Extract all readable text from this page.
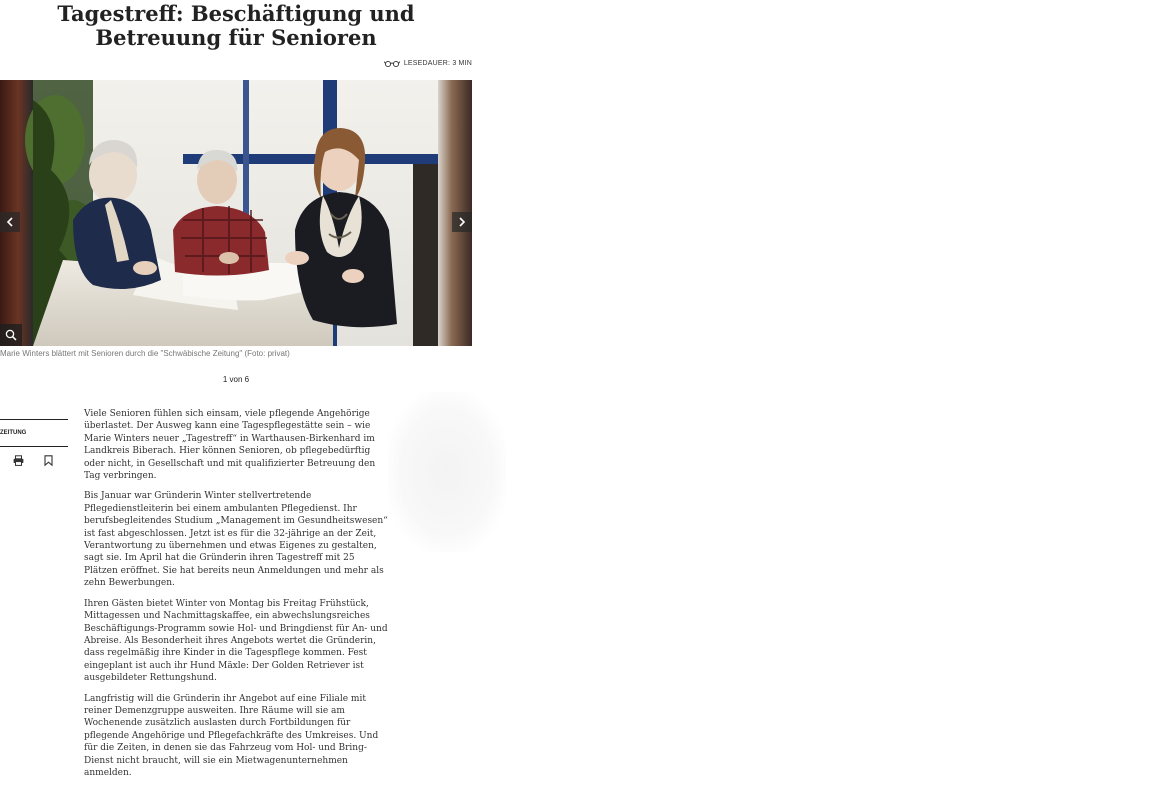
Tagestreff: Beschäftigung und Betreuung für Senioren
LESEDAUER: 3 MIN
Marie Winters blättert mit Senioren durch die "Schwäbische Zeitung" (Foto: privat)
1 von 6
ZEITUNG

Viele Senioren fühlen sich einsam, viele pflegende Angehörige überlastet. Der Ausweg kann eine Tagespflegestätte sein – wie Marie Winters neuer „Tagestreff“ in Warthausen-Birkenhard im Landkreis Biberach. Hier können Senioren, ob pflegebedürftig oder nicht, in Gesellschaft und mit qualifizierter Betreuung den Tag verbringen.

Bis Januar war Gründerin Winter stellvertretende Pflegedienstleiterin bei einem ambulanten Pflegedienst. Ihr berufsbegleitendes Studium „Management im Gesundheitswesen“ ist fast abgeschlossen. Jetzt ist es für die 32-jährige an der Zeit, Verantwortung zu übernehmen und etwas Eigenes zu gestalten, sagt sie. Im April hat die Gründerin ihren Tagestreff mit 25 Plätzen eröffnet. Sie hat bereits neun Anmeldungen und mehr als zehn Bewerbungen.

Ihren Gästen bietet Winter von Montag bis Freitag Frühstück, Mittagessen und Nachmittagskaffee, ein abwechslungsreiches Beschäftigungs-Programm sowie Hol- und Bringdienst für An- und Abreise. Als Besonderheit ihres Angebots wertet die Gründerin, dass regelmäßig ihre Kinder in die Tagespflege kommen. Fest eingeplant ist auch ihr Hund Mäxle: Der Golden Retriever ist ausgebildeter Rettungshund.

Langfristig will die Gründerin ihr Angebot auf eine Filiale mit reiner Demenzgruppe ausweiten. Ihre Räume will sie am Wochenende zusätzlich auslasten durch Fortbildungen für pflegende Angehörige und Pflegefachkräfte des Umkreises. Und für die Zeiten, in denen sie das Fahrzeug vom Hol- und Bring-Dienst nicht braucht, will sie ein Mietwagenunternehmen anmelden.
